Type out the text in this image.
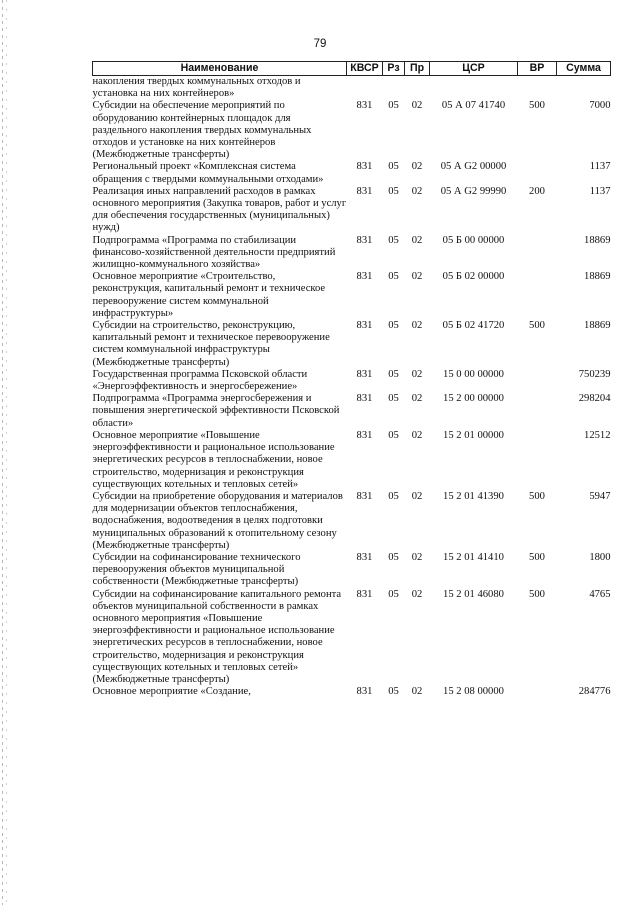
79
Наименование	КВСР	Рз	Пр	ЦСР	ВР	Сумма
накопления твердых коммунальных отходов и установка на них контейнеров»						
Субсидии на обеспечение мероприятий по оборудованию контейнерных площадок для раздельного накопления твердых коммунальных отходов и установке на них контейнеров (Межбюджетные трансферты)	831	05	02	05 А 07 41740	500	7000
Региональный проект «Комплексная система обращения с твердыми коммунальными отходами»	831	05	02	05 А G2 00000		1137
Реализация иных направлений расходов в рамках основного мероприятия (Закупка товаров, работ и услуг для обеспечения государственных (муниципальных) нужд)	831	05	02	05 А G2 99990	200	1137
Подпрограмма «Программа по стабилизации финансово-хозяйственной деятельности предприятий жилищно-коммунального хозяйства»	831	05	02	05 Б 00 00000		18869
Основное мероприятие «Строительство, реконструкция, капитальный ремонт и техническое перевооружение систем коммунальной инфраструктуры»	831	05	02	05 Б 02 00000		18869
Субсидии на строительство, реконструкцию, капитальный ремонт и техническое перевооружение систем коммунальной инфраструктуры (Межбюджетные трансферты)	831	05	02	05 Б 02 41720	500	18869
Государственная программа Псковской области «Энергоэффективность и энергосбережение»	831	05	02	15 0 00 00000		750239
Подпрограмма «Программа энергосбережения и повышения энергетической эффективности Псковской области»	831	05	02	15 2 00 00000		298204
Основное мероприятие «Повышение энергоэффективности и рациональное использование энергетических ресурсов в теплоснабжении, новое строительство, модернизация и реконструкция существующих котельных и тепловых сетей»	831	05	02	15 2 01 00000		12512
Субсидии на приобретение оборудования и материалов для модернизации объектов теплоснабжения, водоснабжения, водоотведения в целях подготовки муниципальных образований к отопительному сезону (Межбюджетные трансферты)	831	05	02	15 2 01 41390	500	5947
Субсидии на софинансирование технического перевооружения объектов муниципальной собственности (Межбюджетные трансферты)	831	05	02	15 2 01 41410	500	1800
Субсидии на софинансирование капитального ремонта объектов муниципальной собственности в рамках основного мероприятия «Повышение энергоэффективности и рациональное использование энергетических ресурсов в теплоснабжении, новое строительство, модернизация и реконструкция существующих котельных и тепловых сетей» (Межбюджетные трансферты)	831	05	02	15 2 01 46080	500	4765
Основное мероприятие «Создание,	831	05	02	15 2 08 00000		284776
